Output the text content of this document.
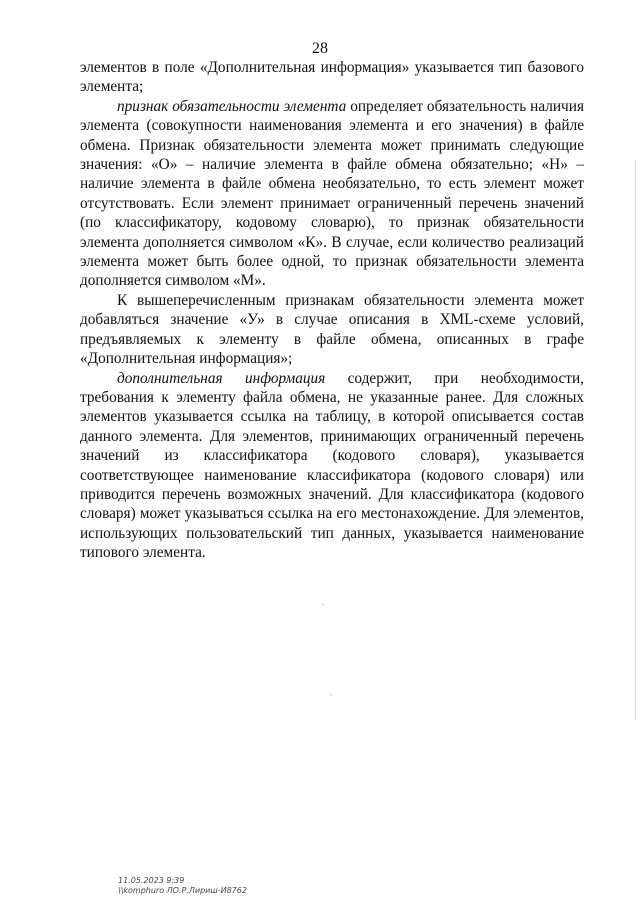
28

элементов в поле «Дополнительная информация» указывается тип базового элемента;

признак обязательности элемента определяет обязательность наличия элемента (совокупности наименования элемента и его значения) в файле обмена. Признак обязательности элемента может принимать следующие значения: «О» – наличие элемента в файле обмена обязательно; «Н» – наличие элемента в файле обмена необязательно, то есть элемент может отсутствовать. Если элемент принимает ограниченный перечень значений (по классификатору, кодовому словарю), то признак обязательности элемента дополняется символом «К». В случае, если количество реализаций элемента может быть более одной, то признак обязательности элемента дополняется символом «М».

К вышеперечисленным признакам обязательности элемента может добавляться значение «У» в случае описания в XML-схеме условий, предъявляемых к элементу в файле обмена, описанных в графе «Дополнительная информация»;

дополнительная информация содержит, при необходимости, требования к элементу файла обмена, не указанные ранее. Для сложных элементов указывается ссылка на таблицу, в которой описывается состав данного элемента. Для элементов, принимающих ограниченный перечень значений из классификатора (кодового словаря), указывается соответствующее наименование классификатора (кодового словаря) или приводится перечень возможных значений. Для классификатора (кодового словаря) может указываться ссылка на его местонахождение. Для элементов, использующих пользовательский тип данных, указывается наименование типового элемента.

11.05.2023 9:39
\\komphuro ЛО.Р.Лириш-И8762
